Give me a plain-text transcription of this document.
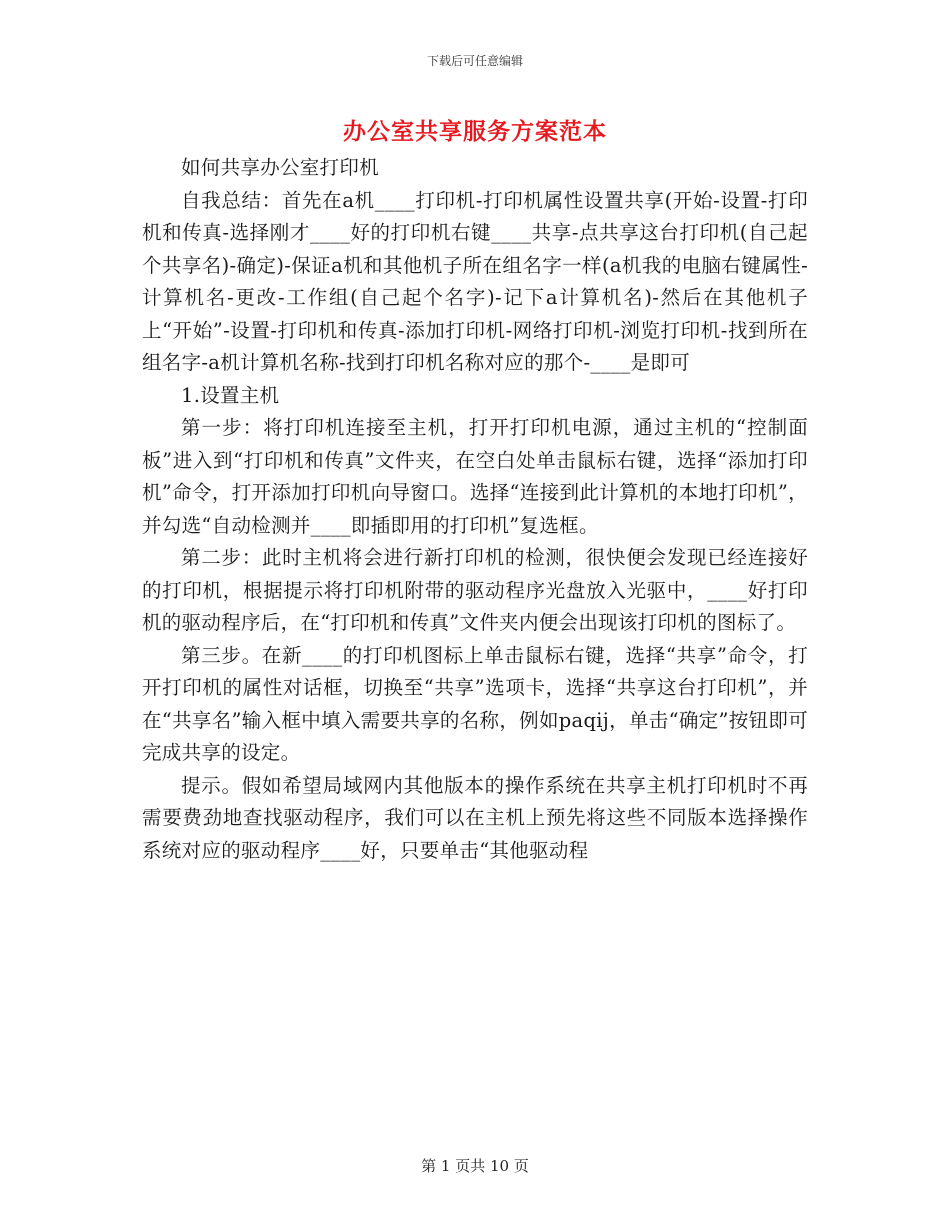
下载后可任意编辑
办公室共享服务方案范本

如何共享办公室打印机

自我总结：首先在a机____打印机-打印机属性设置共享(开始-设置-打印机和传真-选择刚才____好的打印机右键____共享-点共享这台打印机(自己起个共享名)-确定)-保证a机和其他机子所在组名字一样(a机我的电脑右键属性-计算机名-更改-工作组(自己起个名字)-记下a计算机名)-然后在其他机子上“开始”-设置-打印机和传真-添加打印机-网络打印机-浏览打印机-找到所在组名字-a机计算机名称-找到打印机名称对应的那个-____是即可

1.设置主机

第一步：将打印机连接至主机，打开打印机电源，通过主机的“控制面板”进入到“打印机和传真”文件夹，在空白处单击鼠标右键，选择“添加打印机”命令，打开添加打印机向导窗口。选择“连接到此计算机的本地打印机”，并勾选“自动检测并____即插即用的打印机”复选框。

第二步：此时主机将会进行新打印机的检测，很快便会发现已经连接好的打印机，根据提示将打印机附带的驱动程序光盘放入光驱中，____好打印机的驱动程序后，在“打印机和传真”文件夹内便会出现该打印机的图标了。

第三步。在新____的打印机图标上单击鼠标右键，选择“共享”命令，打开打印机的属性对话框，切换至“共享”选项卡，选择“共享这台打印机”，并在“共享名”输入框中填入需要共享的名称，例如paqij，单击“确定”按钮即可完成共享的设定。

提示。假如希望局域网内其他版本的操作系统在共享主机打印机时不再需要费劲地查找驱动程序，我们可以在主机上预先将这些不同版本选择操作系统对应的驱动程序____好，只要单击“其他驱动程

第 1 页共 10 页
